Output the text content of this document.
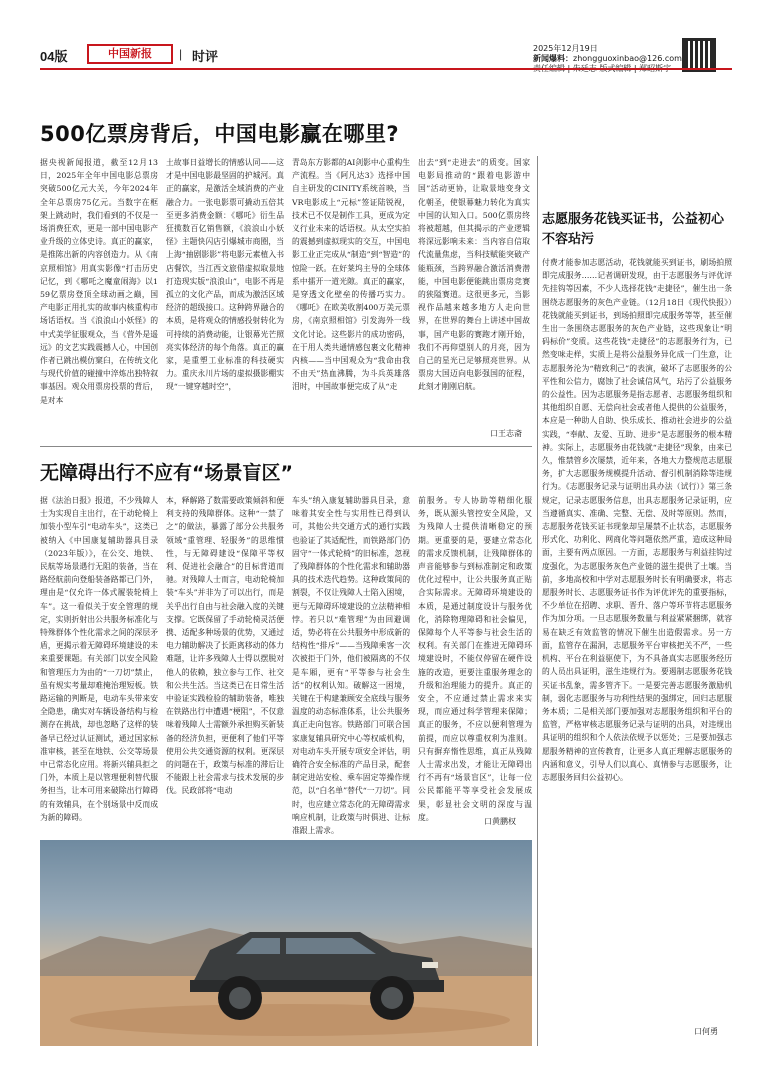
04版	中国新报	| 时评
2025年12月19日
新闻爆料：zhongguoxinbao@126.com
500亿票房背后，中国电影赢在哪里?
据央视新闻报道，截至12月13日，2025年全年中国电影总票房突破500亿元大关，今年2024年全年总票房75亿元。当数字在框架上跳动时，我们看到的不仅是一场消费狂欢，更是一部中国电影产业升级的立体史诗。真正的赢家，是推陈出新的内容创造力。从《南京照相馆》用真实影像“打击历史记忆，到《哪吒之魔童闹海》以159亿票房登顶全球动画之巅，国产电影正用扎实的故事内核重构市场话语权。当《浪浪山小妖怪》的中式美学征服观众，当《营外是遥远》的文艺实践震撼人心，中国创作者已跳出模仿窠臼，在传统文化与现代价值的碰撞中淬炼出独特叙事基因。观众用票房投票的背后，是对本
土故事日益增长的情感认同——这才是中国电影最坚固的护城河。真正的赢家，是激活全域消费的产业融合力。一张电影票可撬动五倍其至更多消费金额：《哪吒》衍生品狂揽数百亿销售额，《浪浪山小妖怪》主题快闪店引爆城市商圈，当上海“抽剧影影”将电影元素植入书店餐饮，当江西文旅借虚拟取景地打造现实版“浪浪山”，电影不再是孤立的文化产品，而成为激活区域经济的超级接口。这种跨界融合的本质，是将观众的情感投射转化为可持续的消费动能，让银幕光芒照亮实体经济的每个角落。真正的赢家，是重塑工业标准的科技硬实力。重庆永川片场的虚拟摄影棚实现“一键穿越时空”，
青岛东方影都的AI剑影中心重构生产流程。当《阿凡达3》选择中国自主研发的CINITY系统首映，当VR电影成上“元标”签证陆锐视，技术已不仅是制作工具，更成为定义行业未来的话语权。从太空实拍的震撼到虚拟现实的交互，中国电影工业正完成从“制造”到“智造”的惊险一跃。在好莱坞主导的全球体系中擂开一道光隙。真正的赢家，是穿透文化壁垒的传播巧实力。《哪吒》在欧美收割400万美元票房，《南京照相馆》引发海外一线文化讨论。这些影片的成功密码，在于用人类共通情感包裹文化精神内核——当中国观众为“我命由我不由天”热血沸腾，为斗兵英雄落泪时，中国故事便完成了从“走
出去”到“走进去”的质变。国家电影局推动的“跟着电影游中国”活动更协，让取景地变身文化朝圣，使银幕魅力转化为真实中国的认知入口。500亿票房终将被超越，但其揭示的产业逻辑将深远影响未来：当内容自信取代流量焦虑，当科技赋能突破产能瓶颈，当跨界融合激活消费潜能，中国电影便能跳出票房竞赛的狭隘赛道。这很更多元，当影视作品越来越多地方人走向世界，在世界的舞台上讲述中国故事，国产电影的赛跑才刚开始，我们不再仰望别人的月亮，因为自己的星光已足够照亮世界。从票房大国迈向电影强国的征程，此刻才刚刚启航。
口王志斋
无障碍出行不应有“场景盲区”
据《法治日报》报道，不少残障人士为实现自主出行，在于动轮椅上加装小型车引“电动车头”，这类已被纳入《中国康复辅助器具目录（2023年版）》，在公交、地铁、民航等场景遇行无阻的装备，当在路经航前向登船装备路都已门外，理由是“仅允许一体式履装轮椅上车”。这一看似关于安全管理的规定，实则折射出公共服务标准化与特殊群体个性化需求之间的深层矛盾，更揭示着无障碍环境建设的未来重要课题。有关部门以安全风险和管理压力为由的“一刀切”禁止，虽有规实考量却难掩治理短板。铁路运输的判断是，电动车头带来安全隐患，确实对车辆设备结构与检测存在挑战，却也忽略了这样的装备早已经过认证测试，通过国家标准审核，甚至在地铁、公交等场景中已常态化应用。将新兴辅具拒之门外，本质上是以管理便利替代服务担当，让本可用来破除出行障碍的有效辅具，在个别场景中反而成为新的障碍。
本，释解路了数需要政策倾斜和便利支持的残障群体。这种“一禁了之”的做法，暴露了部分公共服务领域“重管理、轻服务”的思维惯性，与无障碍建设“保障平等权利、促进社会融合”的目标背道而驰。对残障人士而言，电动轮椅加装“车头”并非为了可以出行，而是关乎出行自由与社会融入度的关键支撑。它既保留了手动轮椅灵活便携、适配多种场景的优势，又通过电力辅助解决了长距离移动的体力难题，让许多残障人士得以摆脱对他人的依赖，独立参与工作、社交和公共生活。当这类已在日常生活中验证实践检验的辅助装备，唯独在铁路出行中遭遇“梗阻”，不仅意味着残障人士需额外承担购买新装备的经济负担，更便利了他们平等使用公共交通资源的权利。更深层的问题在于，政策与标准的滞后让不能跟上社会需求与技术发展的步伐。民政部将“电动
车头”纳入康复辅助器具目录，意味着其安全性与实用性已得到认可，其他公共交通方式的通行实践也验证了其适配性，而铁路部门仍固守“一体式轮椅”的旧标准，忽视了残障群体的个性化需求和辅助器具的技术迭代趋势。这种政策间的割裂，不仅让残障人士陷入困境，更与无障碍环境建设的立法精神相悖。若只以“难管理”为由回避调适，势必将在公共服务中形成新的结构性“排斥”——当残障乘客一次次被拒于门外，他们被隔离的不仅是车厢，更有“平等参与社会生活”的权利认知。破解这一困境，关键在于构建兼顾安全底线与服务温度的动态标准体系，让公共服务真正走向包容。铁路部门可联合国家康复辅具研究中心等权威机构，对电动车头开展专项安全评估，明确符合安全标准的产品目录，配套制定进站安检、乘车固定等操作规范，以“白名单”替代“一刀切”。同时，也应建立常态化的无障碍需求响应机制，让政策与时俱进、让标准跟上需求。
前服务。专人协助等精细化服务，既从源头管控安全风险，又为残障人士提供清晰稳定的预期。更重要的是，要建立常态化的需求反馈机制，让残障群体的声音能够参与到标准制定和政策优化过程中，让公共服务真正贴合实际需求。无障碍环境建设的本质，是通过制度设计与服务优化，消除物理障碍和社会偏见，保障每个人平等参与社会生活的权利。有关部门在推进无障碍环境建设时，不能仅停留在硬件设施的改造，更要注重服务理念的升级和治理能力的提升。真正的安全，不应通过禁止需求来实现，而应通过科学管理来保障；真正的服务，不应以便利管理为前提，而应以尊重权利为准则。只有摒弃惰性思维，真正从残障人士需求出发，才能让无障碍出行不再有“场景盲区”，让每一位公民都能平等享受社会发展成果，彰显社会文明的深度与温度。	口黄鹏权
志愿服务花钱买证书，公益初心不容玷污
付费才能参加志愿活动，花钱就能买到证书，刷场拍照即完成服务……记者调研发现，由于志愿服务与评优评先挂钩等因素，不少人选择花钱“走捷径”，催生出一条围绕志愿服务的灰色产业链。（12月18日《现代快报》）花钱就能买到证书，到场拍照即完成服务等等，甚至催生出一条围绕志愿服务的灰色产业链，这些现象让“明码标价”变质。这些花钱“走捷径”的志愿服务行为，已然变味走样，实质上是将公益服务异化成一门生意，让志愿服务沦为“精致利己”的表演，破坏了志愿服务的公平性和公信力，腐蚀了社会诚信风气，玷污了公益服务的公益性。因为志愿服务是指志愿者、志愿服务组织和其他组织自愿、无偿向社会或者他人提供的公益服务，本应是一种助人自助、快乐成长、推动社会进步的公益实践，“奉献、友爱、互助、进步”是志愿服务的根本精神。实际上，志愿服务由花钱就“走捷径”现象，由来已久，惟禁管乡次屡禁，近年来，各地大力整规范志愿服务，扩大志愿服务规模提升活动、督引机制消除等违规行为。《志愿服务记录与证明出具办法（试行）》第三条规定，记录志愿服务信息，出具志愿服务记录证明，应当遵循真实、准确、完整、无偿、及时等原则。然而，志愿服务花钱买证书现象却呈屡禁不止状态，志愿服务形式化、功利化、网商化等问题依然严重，造成这种局面，主要有两点原因。一方面，志愿服务与利益挂钩过度强化，为志愿服务灰色产业链的滋生提供了土壤。当前，多地高校和中学对志愿服务时长有明确要求，将志愿服务时长、志愿服务证书作为评优评先的重要指标，不少单位在招聘、求职、晋升、落户等环节将志愿服务作为加分项。一旦志愿服务数量与利益紧紧捆绑，就容易在缺乏有效监管的情况下催生出造假需求。另一方面，监管存在漏洞，志愿服务平台审核把关不严，一些机构、平台在利益驱使下，为不具备真实志愿服务经历的人员出具证明，滋生违规行为。要遏制志愿服务花钱买证书乱象，需多管齐下。一是要完善志愿服务激励机制，弱化志愿服务与功利性结果的强绑定，回归志愿服务本质；二是相关部门要加强对志愿服务组织和平台的监管，严格审核志愿服务记录与证明的出具，对违规出具证明的组织和个人依法依规予以惩处；三是要加强志愿服务精神的宣传教育，让更多人真正理解志愿服务的内涵和意义，引导人们以真心、真情参与志愿服务，让志愿服务回归公益初心。
口何勇
